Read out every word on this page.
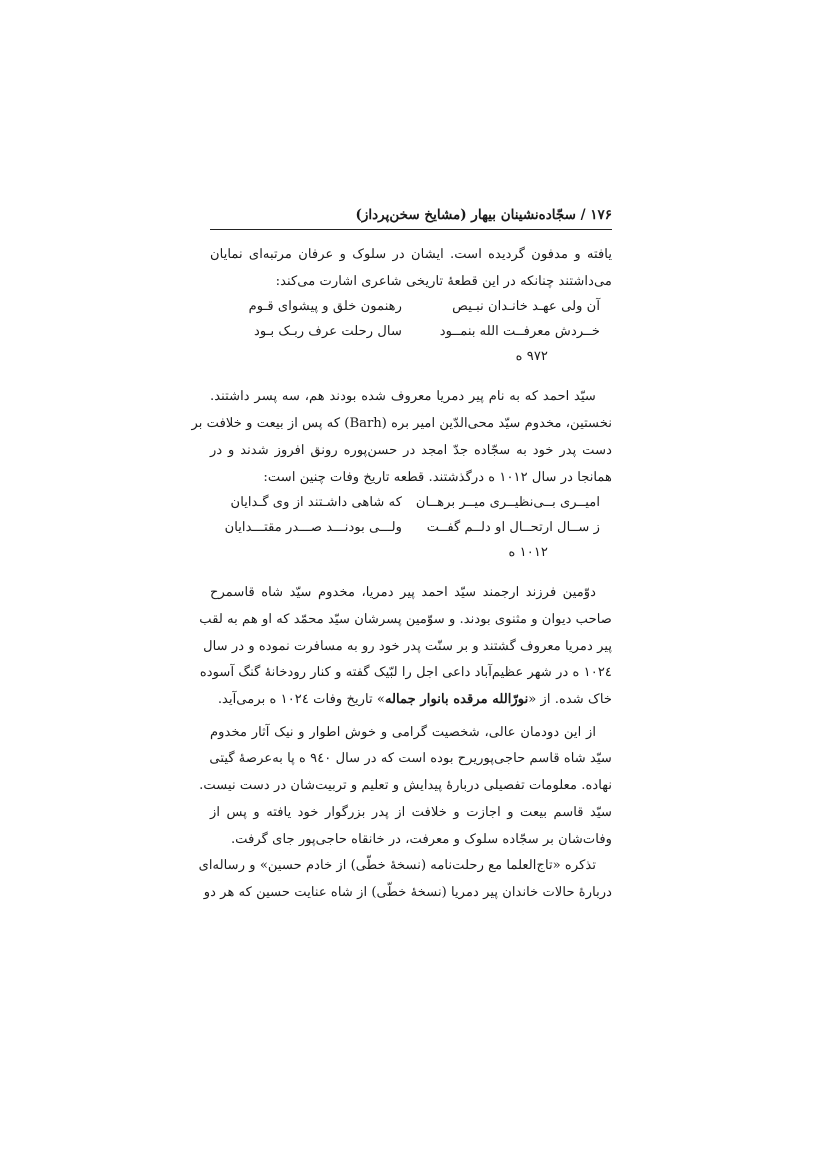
۱۷۶ / سجّاده‌نشینان بیهار (مشایخ سخن‌پرداز)
یافته و مدفون گردیده است. ایشان در سلوک و عرفان مرتبه‌ای نمایان
می‌داشتند چنانکه در این قطعهٔ تاریخی شاعری اشارت می‌کند:
آن ولی عهـد خانـدان نبـیص
رهنمون خلق و پیشوای قـوم
خــردش معرفــت الله بنمــود
سال رحلت عرف ربـک بـود
۹۷۲ ه
سیّد احمد که به نام پیر دمریا معروف شده بودند هم، سه پسر داشتند.
نخستین، مخدوم سیّد محی‌الدّین امیر بره (Barh) که پس از بیعت و خلافت بر
دست پدر خود به سجّاده جدّ امجد در حسن‌پوره رونق افروز شدند و در
همانجا در سال ۱۰۱۲ ه درگذشتند. قطعه تاریخ وفات چنین است:
امیــری بــی‌نظیــری میــر برهــان
که شاهی داشـتند از وی گـدایان
ز ســال ارتحــال او دلــم گفــت
ولـــی بودنـــد صـــدر مقتـــدایان
۱۰۱۲ ه
دوّمین فرزند ارجمند سیّد احمد پیر دمریا، مخدوم سیّد شاه قاسمرح
صاحب دیوان و مثنوی بودند. و سوّمین پسرشان سیّد محمّد که او هم به لقب
پیر دمریا معروف گشتند و بر سنّت پدر خود رو به مسافرت نموده و در سال
۱۰۲٤ ه در شهر عظیم‌آباد داعی اجل را لبّیک گفته و کنار رودخانهٔ گنگ آسوده
خاک شده. از «نورّالله مرقده بانوار جماله» تاریخ وفات ۱۰۲٤ ه برمی‌آید.
از این دودمان عالی، شخصیت گرامی و خوش اطوار و نیک آثار مخدوم
سیّد شاه قاسم حاجی‌پوریرح بوده است که در سال ۹٤۰ ه پا به‌عرصهٔ گیتی
نهاده. معلومات تفصیلی دربارهٔ پیدایش و تعلیم و تربیت‌شان در دست نیست.
سیّد قاسم بیعت و اجازت و خلافت از پدر بزرگوار خود یافته و پس از
وفات‌شان بر سجّاده سلوک و معرفت، در خانقاه حاجی‌پور جای گرفت.
تذکره «تاج‌العلما مع رحلت‌نامه (نسخهٔ خطّی) از خادم حسین» و رساله‌ای
دربارهٔ حالات خاندان پیر دمریا (نسخهٔ خطّی) از شاه عنایت حسین که هر دو
